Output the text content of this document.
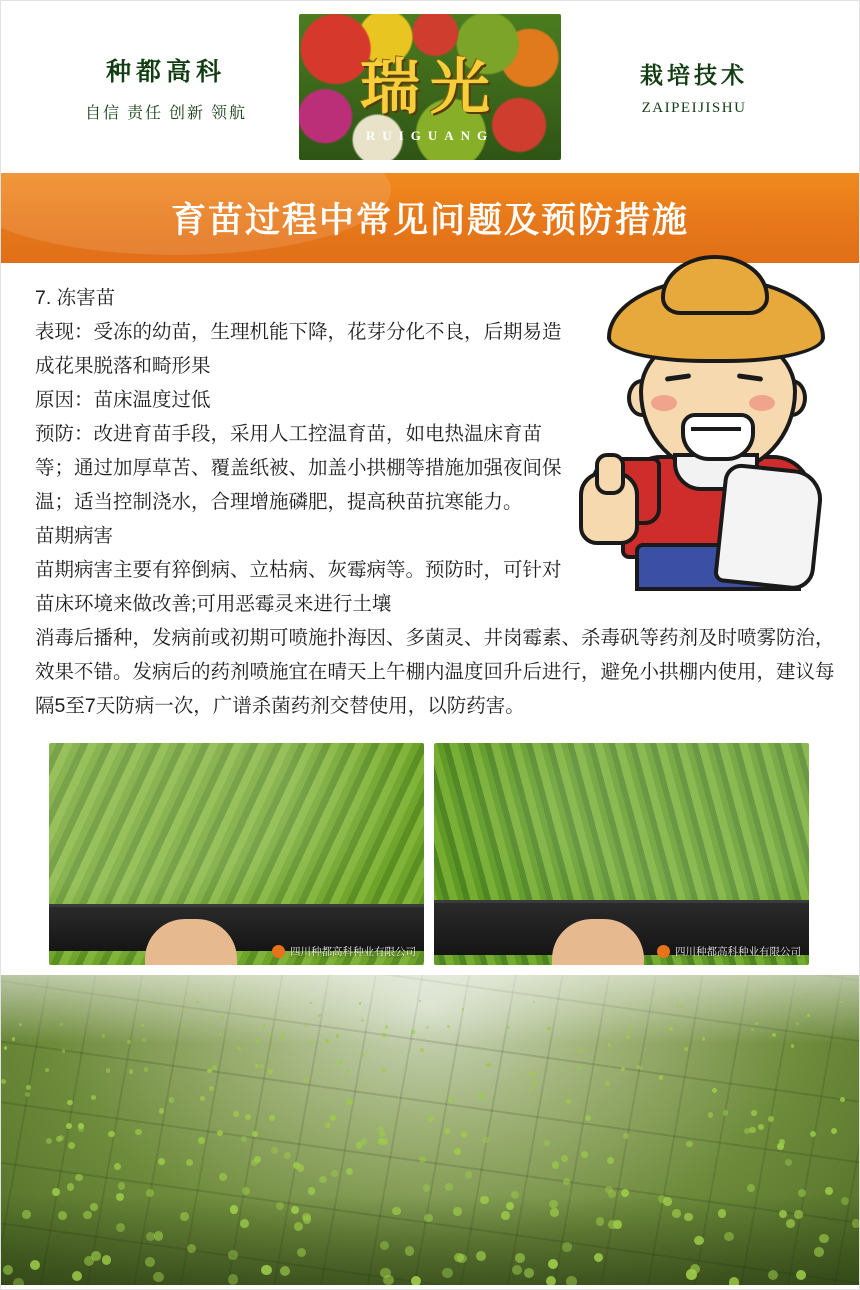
种都高科
自信 责任 创新 领航	瑞光
RUIGUANG
栽培技术
ZAIPEIJISHU
育苗过程中常见问题及预防措施

7. 冻害苗

表现：受冻的幼苗，生理机能下降，花芽分化不良，后期易造成花果脱落和畸形果

原因：苗床温度过低

预防：改进育苗手段，采用人工控温育苗，如电热温床育苗等；通过加厚草苫、覆盖纸被、加盖小拱棚等措施加强夜间保温；适当控制浇水，合理增施磷肥，提高秧苗抗寒能力。

苗期病害

苗期病害主要有猝倒病、立枯病、灰霉病等。预防时，可针对苗床环境来做改善;可用恶霉灵来进行土壤

消毒后播种，发病前或初期可喷施扑海因、多菌灵、井岗霉素、杀毒矾等药剂及时喷雾防治，效果不错。发病后的药剂喷施宜在晴天上午棚内温度回升后进行，避免小拱棚内使用，建议每隔5至7天防病一次，广谱杀菌药剂交替使用，以防药害。

四川种都高科种业有限公司	四川种都高科种业有限公司
